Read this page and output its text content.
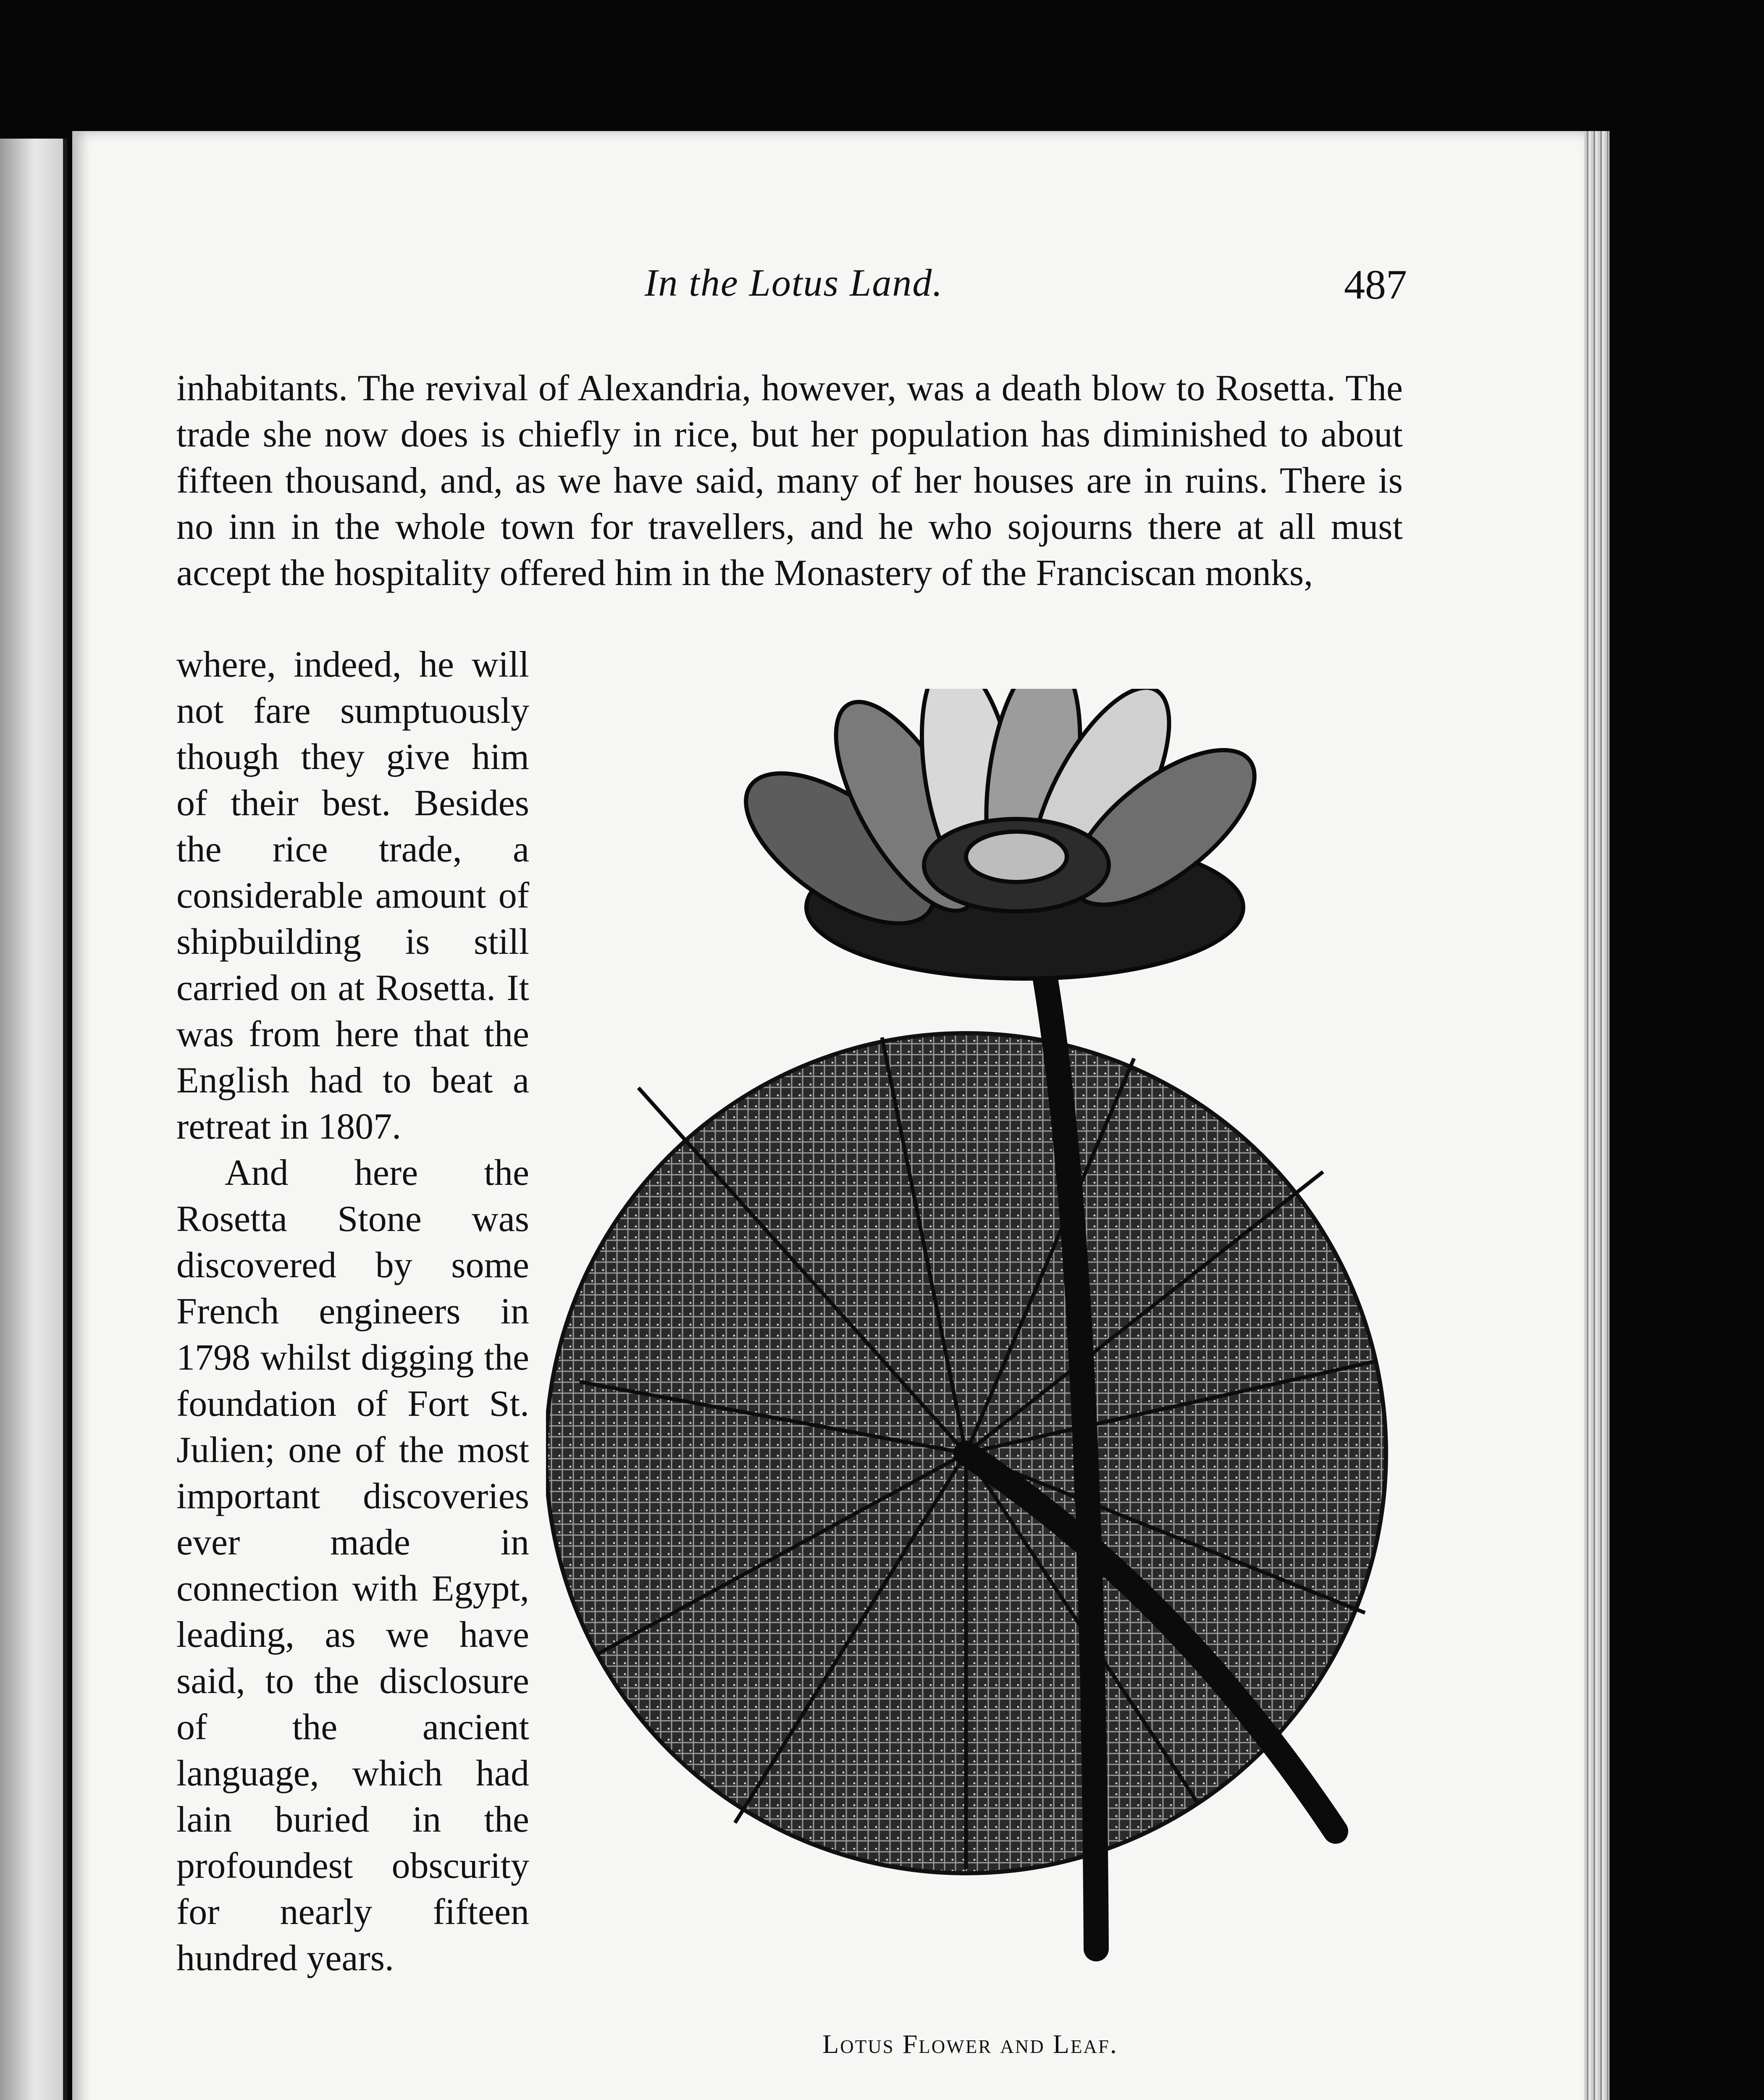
In the Lotus Land.	487

inhabitants. The revival of Alexandria, however, was a death blow to Rosetta. The trade she now does is chiefly in rice, but her population has diminished to about fifteen thousand, and, as we have said, many of her houses are in ruins. There is no inn in the whole town for travellers, and he who sojourns there at all must accept the hospitality offered him in the Monastery of the Franciscan monks,

where, indeed, he will not fare sumptuously though they give him of their best. Besides the rice trade, a considerable amount of shipbuilding is still carried on at Rosetta. It was from here that the English had to beat a retreat in 1807.

And here the Rosetta Stone was discovered by some French engineers in 1798 whilst digging the foundation of Fort St. Julien; one of the most important discoveries ever made in connection with Egypt, leading, as we have said, to the disclosure of the ancient language, which had lain buried in the profoundest obscurity for nearly fifteen hundred years.

Lotus Flower and Leaf.
